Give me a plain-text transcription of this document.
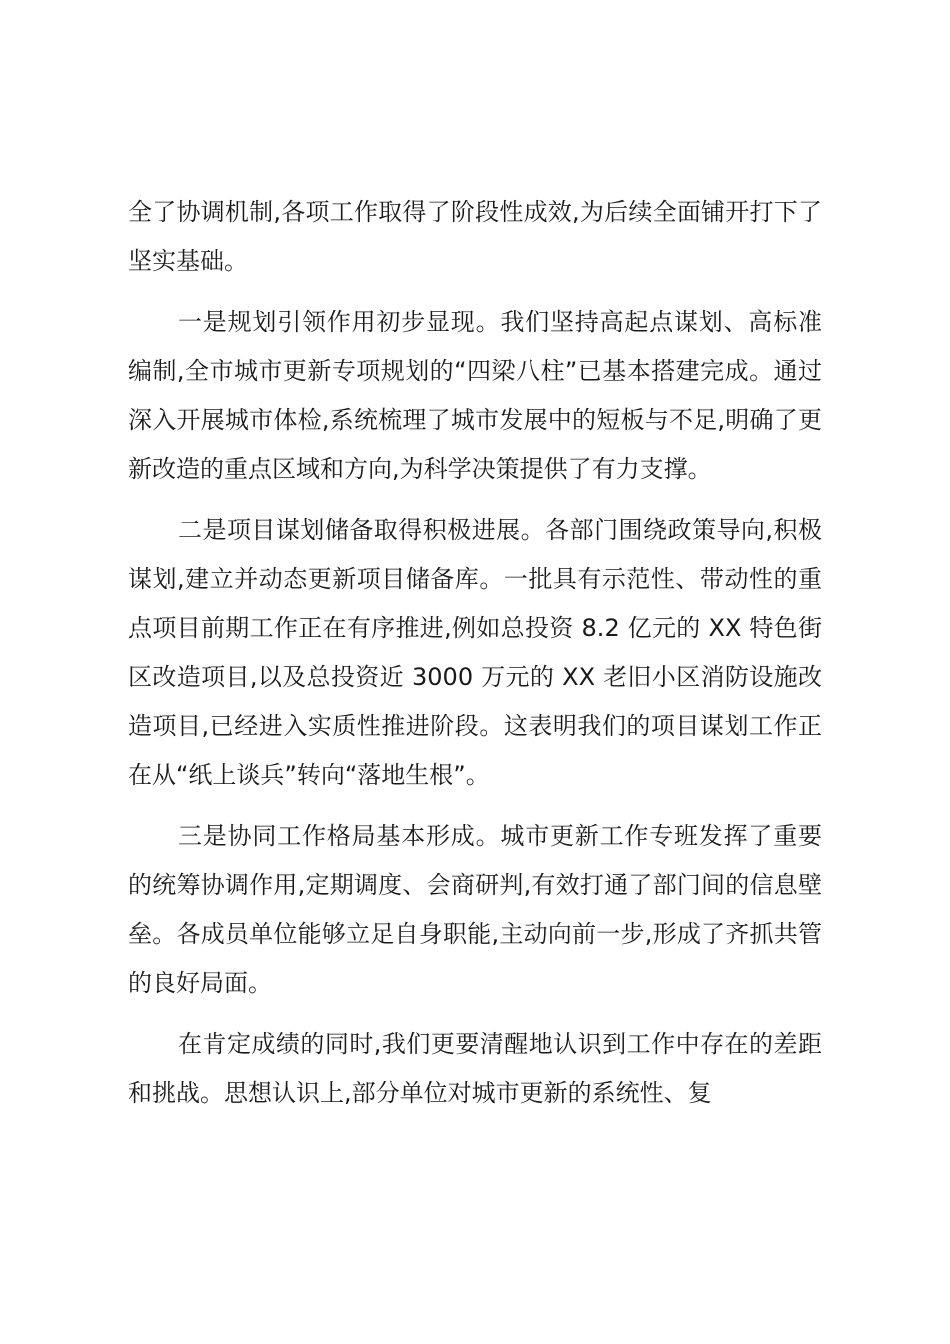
全了协调机制,各项工作取得了阶段性成效,为后续全面铺开打下了坚实基础。

一是规划引领作用初步显现。我们坚持高起点谋划、高标准编制,全市城市更新专项规划的“四梁八柱”已基本搭建完成。通过深入开展城市体检,系统梳理了城市发展中的短板与不足,明确了更新改造的重点区域和方向,为科学决策提供了有力支撑。

二是项目谋划储备取得积极进展。各部门围绕政策导向,积极谋划,建立并动态更新项目储备库。一批具有示范性、带动性的重点项目前期工作正在有序推进,例如总投资 8.2 亿元的 XX 特色街区改造项目,以及总投资近 3000 万元的 XX 老旧小区消防设施改造项目,已经进入实质性推进阶段。这表明我们的项目谋划工作正在从“纸上谈兵”转向“落地生根”。

三是协同工作格局基本形成。城市更新工作专班发挥了重要的统筹协调作用,定期调度、会商研判,有效打通了部门间的信息壁垒。各成员单位能够立足自身职能,主动向前一步,形成了齐抓共管的良好局面。

在肯定成绩的同时,我们更要清醒地认识到工作中存在的差距和挑战。思想认识上,部分单位对城市更新的系统性、复
